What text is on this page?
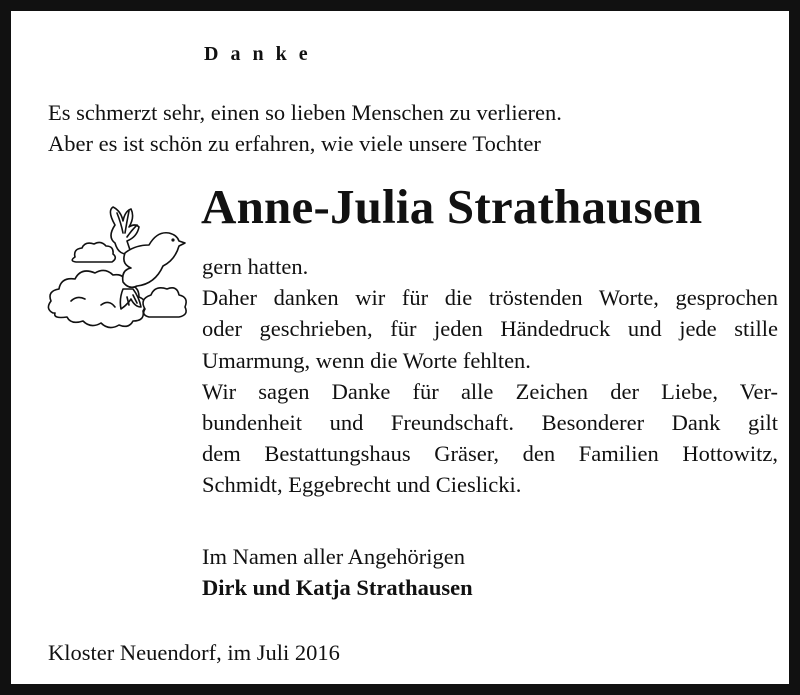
D a n k e
Es schmerzt sehr, einen so lieben Menschen zu verlieren.
Aber es ist schön zu erfahren, wie viele unsere Tochter
Anne-Julia Strathausen
gern hatten.
Daher danken wir für die tröstenden Worte, gesprochen
oder geschrieben, für jeden Händedruck und jede stille
Umarmung, wenn die Worte fehlten.
Wir sagen Danke für alle Zeichen der Liebe, Ver-
bundenheit und Freundschaft. Besonderer Dank gilt
dem Bestattungshaus Gräser, den Familien Hottowitz,
Schmidt, Eggebrecht und Cieslicki.
Im Namen aller Angehörigen
Dirk und Katja Strathausen
Kloster Neuendorf, im Juli 2016
